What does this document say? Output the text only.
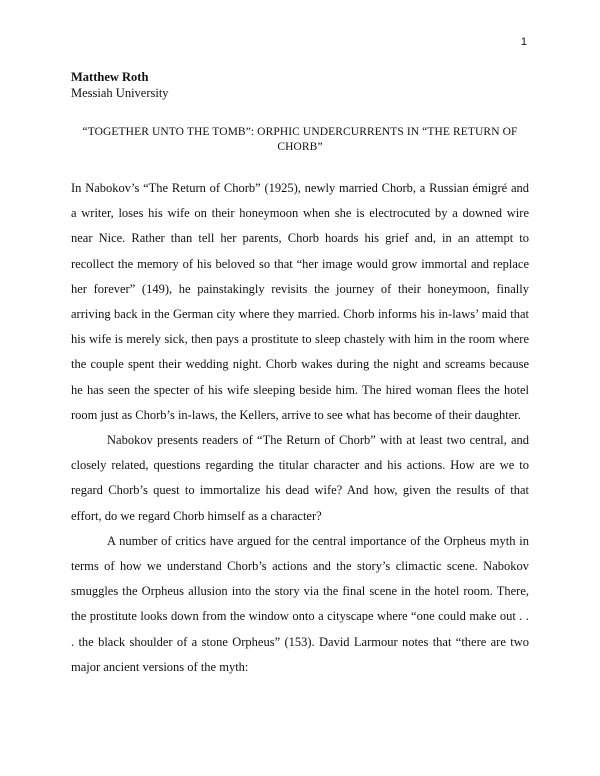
1
Matthew Roth
Messiah University
“TOGETHER UNTO THE TOMB”: ORPHIC UNDERCURRENTS IN “THE RETURN OF CHORB”

In Nabokov’s “The Return of Chorb” (1925), newly married Chorb, a Russian émigré and a writer, loses his wife on their honeymoon when she is electrocuted by a downed wire near Nice. Rather than tell her parents, Chorb hoards his grief and, in an attempt to recollect the memory of his beloved so that “her image would grow immortal and replace her forever” (149), he painstakingly revisits the journey of their honeymoon, finally arriving back in the German city where they married. Chorb informs his in-laws’ maid that his wife is merely sick, then pays a prostitute to sleep chastely with him in the room where the couple spent their wedding night. Chorb wakes during the night and screams because he has seen the specter of his wife sleeping beside him. The hired woman flees the hotel room just as Chorb’s in-laws, the Kellers, arrive to see what has become of their daughter.

Nabokov presents readers of “The Return of Chorb” with at least two central, and closely related, questions regarding the titular character and his actions. How are we to regard Chorb’s quest to immortalize his dead wife? And how, given the results of that effort, do we regard Chorb himself as a character?

A number of critics have argued for the central importance of the Orpheus myth in terms of how we understand Chorb’s actions and the story’s climactic scene. Nabokov smuggles the Orpheus allusion into the story via the final scene in the hotel room. There, the prostitute looks down from the window onto a cityscape where “one could make out . . . the black shoulder of a stone Orpheus” (153). David Larmour notes that “there are two major ancient versions of the myth:
